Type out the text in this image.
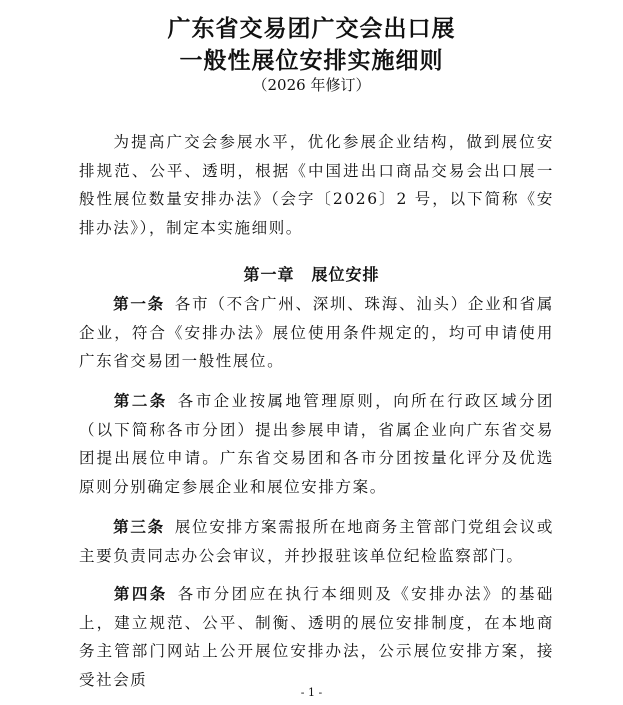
广东省交易团广交会出口展
一般性展位安排实施细则
（2026 年修订）
为提高广交会参展水平，优化参展企业结构，做到展位安排规范、公平、透明，根据《中国进出口商品交易会出口展一般性展位数量安排办法》（会字〔2026〕2 号，以下简称《安排办法》），制定本实施细则。
第一章　展位安排
第一条 各市（不含广州、深圳、珠海、汕头）企业和省属企业，符合《安排办法》展位使用条件规定的，均可申请使用广东省交易团一般性展位。
第二条 各市企业按属地管理原则，向所在行政区域分团（以下简称各市分团）提出参展申请，省属企业向广东省交易团提出展位申请。广东省交易团和各市分团按量化评分及优选原则分别确定参展企业和展位安排方案。
第三条 展位安排方案需报所在地商务主管部门党组会议或主要负责同志办公会审议，并抄报驻该单位纪检监察部门。
第四条 各市分团应在执行本细则及《安排办法》的基础上，建立规范、公平、制衡、透明的展位安排制度，在本地商务主管部门网站上公开展位安排办法，公示展位安排方案，接受社会质
- 1 -
